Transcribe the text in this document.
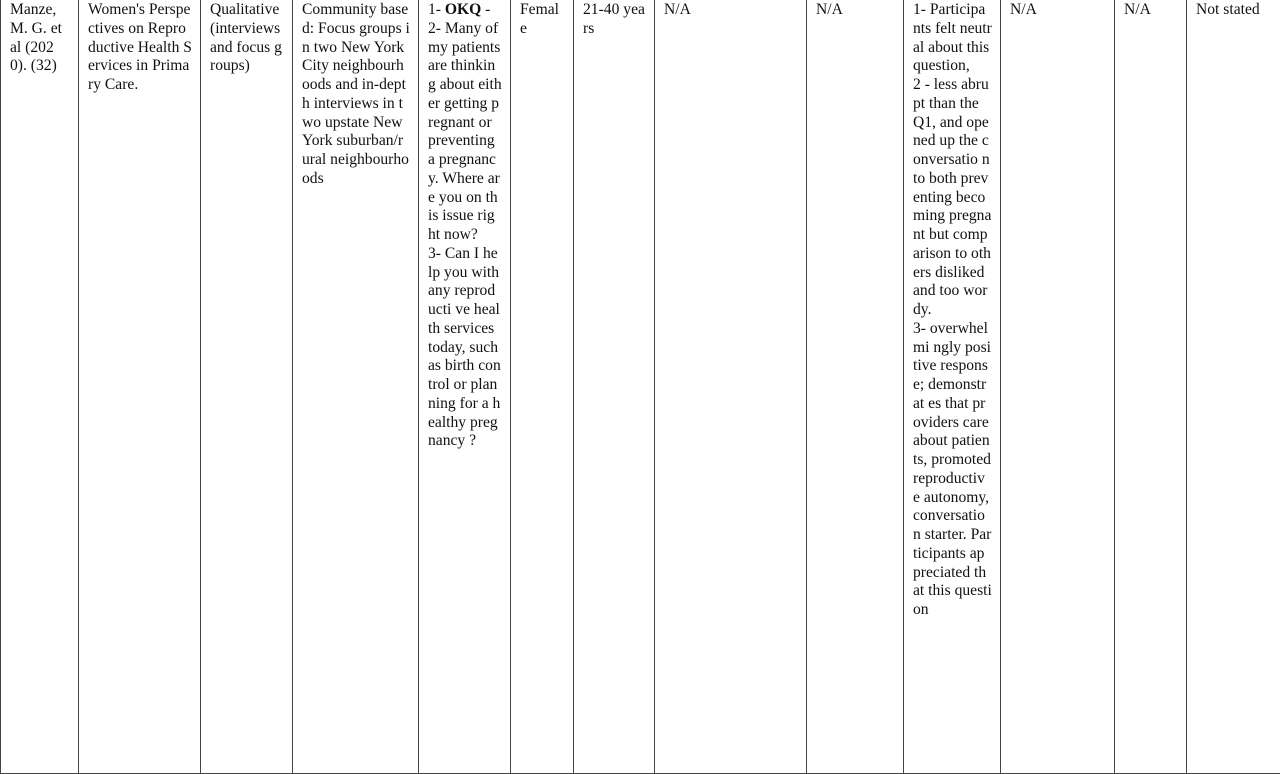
Manze, M. G. et al (2020). (32)	Women's Perspectives on Reproductive Health Services in Primary Care.	Qualitative (interviews and focus groups)	Community based: Focus groups in two New York City neighbourhoods and in-depth interviews in two upstate New York suburban/rural neighbourhoods	1- OKQ -
2- Many of my patients are thinking about either getting pregnant or preventing a pregnancy. Where are you on this issue right now?
3- Can I help you with any reproducti ve health services today, such as birth control or planning for a healthy pregnancy ?	Femal e	21-40 years	N/A	N/A	1- Participants felt neutral about this question,
2 - less abrupt than the Q1, and opened up the conversatio n to both preventing becoming pregnant but comparison to others disliked and too wordy.
3- overwhelmi ngly positive response; demonstrat es that providers care about patients, promoted reproductiv e autonomy, conversatio n starter. Participants appreciated that this question	N/A	N/A	Not stated
